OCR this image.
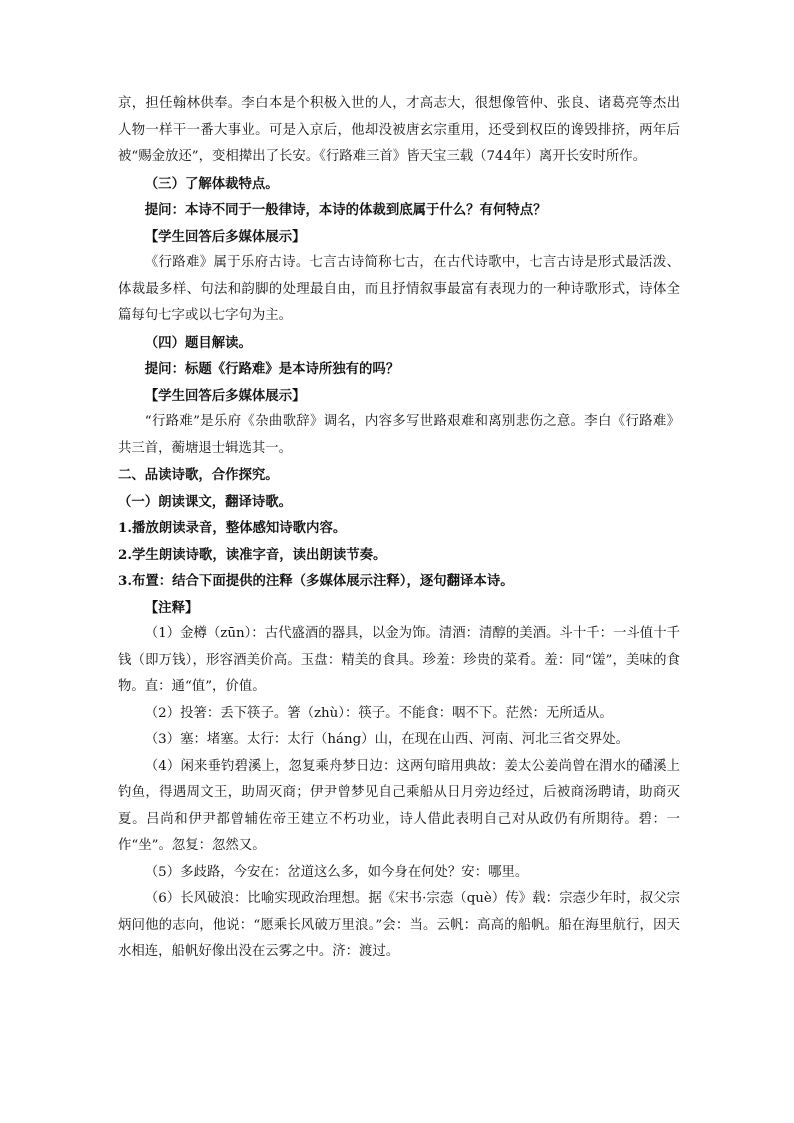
京，担任翰林供奉。李白本是个积极入世的人，才高志大，很想像管仲、张良、诸葛亮等杰出人物一样干一番大事业。可是入京后，他却没被唐玄宗重用，还受到权臣的谗毁排挤，两年后被“赐金放还”，变相撵出了长安。《行路难三首》皆天宝三载（744年）离开长安时所作。

（三）了解体裁特点。

提问：本诗不同于一般律诗，本诗的体裁到底属于什么？有何特点？

【学生回答后多媒体展示】

《行路难》属于乐府古诗。七言古诗简称七古，在古代诗歌中，七言古诗是形式最活泼、体裁最多样、句法和韵脚的处理最自由，而且抒情叙事最富有表现力的一种诗歌形式，诗体全篇每句七字或以七字句为主。

（四）题目解读。

提问：标题《行路难》是本诗所独有的吗？

【学生回答后多媒体展示】

“行路难”是乐府《杂曲歌辞》调名，内容多写世路艰难和离别悲伤之意。李白《行路难》共三首，蘅塘退士辑选其一。

二、品读诗歌，合作探究。

（一）朗读课文，翻译诗歌。

1.播放朗读录音，整体感知诗歌内容。

2.学生朗读诗歌，读准字音，读出朗读节奏。

3.布置：结合下面提供的注释（多媒体展示注释），逐句翻译本诗。

【注释】

（1）金樽（zūn）：古代盛酒的器具，以金为饰。清酒：清醇的美酒。斗十千：一斗值十千钱（即万钱），形容酒美价高。玉盘：精美的食具。珍羞：珍贵的菜肴。羞：同“馐”，美味的食物。直：通“值”，价值。

（2）投箸：丢下筷子。箸（zhù）：筷子。不能食：咽不下。茫然：无所适从。

（3）塞：堵塞。太行：太行（háng）山，在现在山西、河南、河北三省交界处。

（4）闲来垂钓碧溪上，忽复乘舟梦日边：这两句暗用典故：姜太公姜尚曾在渭水的磻溪上钓鱼，得遇周文王，助周灭商；伊尹曾梦见自己乘船从日月旁边经过，后被商汤聘请，助商灭夏。吕尚和伊尹都曾辅佐帝王建立不朽功业，诗人借此表明自己对从政仍有所期待。碧：一作“坐”。忽复：忽然又。

（5）多歧路，今安在：岔道这么多，如今身在何处？安：哪里。

（6）长风破浪：比喻实现政治理想。据《宋书·宗悫（què）传》载：宗悫少年时，叔父宗炳问他的志向，他说：“愿乘长风破万里浪。”会：当。云帆：高高的船帆。船在海里航行，因天水相连，船帆好像出没在云雾之中。济：渡过。
